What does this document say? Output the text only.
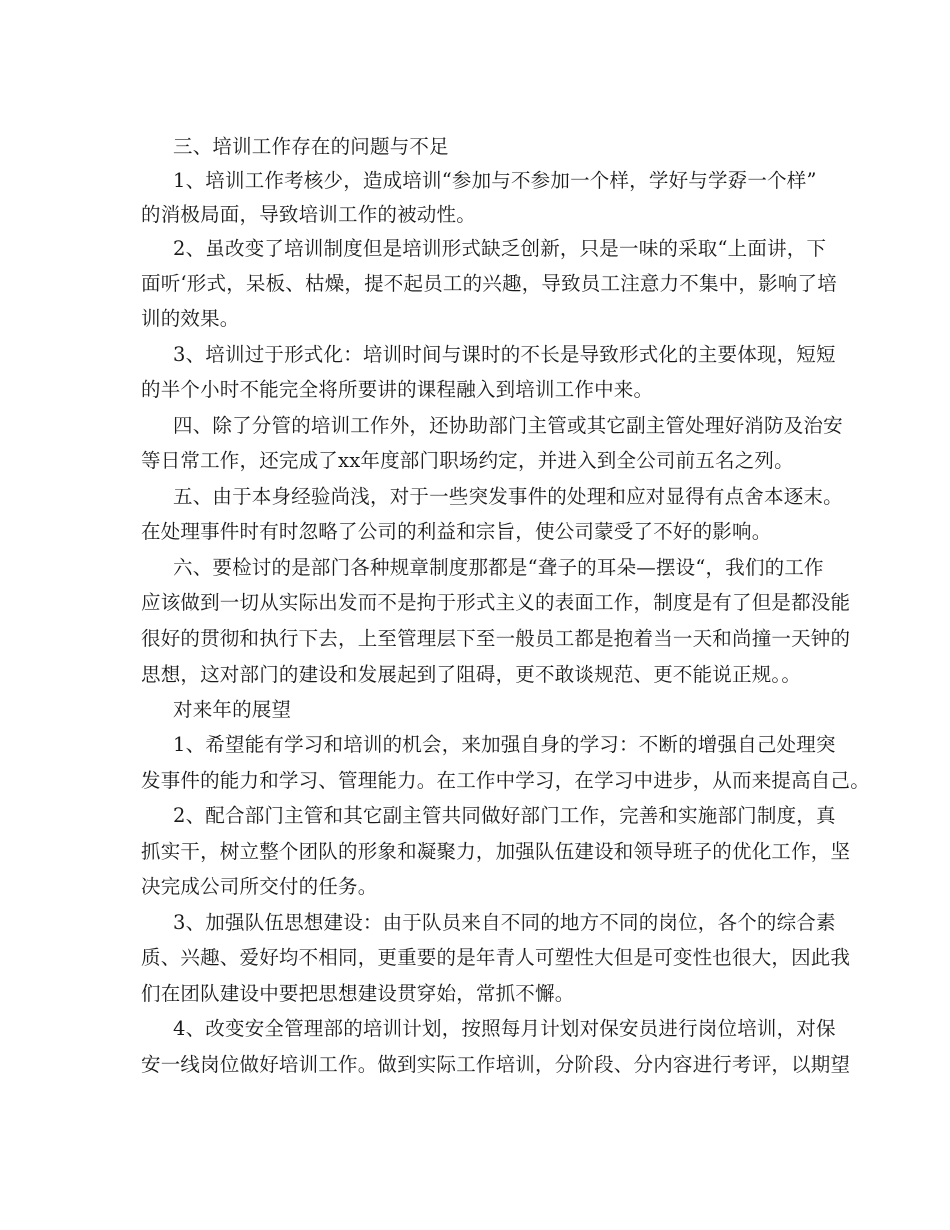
三、培训工作存在的问题与不足
1、培训工作考核少，造成培训“参加与不参加一个样，学好与学孬一个样”
的消极局面，导致培训工作的被动性。
2、虽改变了培训制度但是培训形式缺乏创新，只是一味的采取“上面讲，下
面听‘形式，呆板、枯燥，提不起员工的兴趣，导致员工注意力不集中，影响了培
训的效果。
3、培训过于形式化：培训时间与课时的不长是导致形式化的主要体现，短短
的半个小时不能完全将所要讲的课程融入到培训工作中来。
四、除了分管的培训工作外，还协助部门主管或其它副主管处理好消防及治安
等日常工作，还完成了xx年度部门职场约定，并进入到全公司前五名之列。
五、由于本身经验尚浅，对于一些突发事件的处理和应对显得有点舍本逐末。
在处理事件时有时忽略了公司的利益和宗旨，使公司蒙受了不好的影响。
六、要检讨的是部门各种规章制度那都是“聋子的耳朵—摆设“，我们的工作
应该做到一切从实际出发而不是拘于形式主义的表面工作，制度是有了但是都没能
很好的贯彻和执行下去，上至管理层下至一般员工都是抱着当一天和尚撞一天钟的
思想，这对部门的建设和发展起到了阻碍，更不敢谈规范、更不能说正规。。
对来年的展望
1、希望能有学习和培训的机会，来加强自身的学习：不断的增强自己处理突
发事件的能力和学习、管理能力。在工作中学习，在学习中进步，从而来提高自己。
2、配合部门主管和其它副主管共同做好部门工作，完善和实施部门制度，真
抓实干，树立整个团队的形象和凝聚力，加强队伍建设和领导班子的优化工作，坚
决完成公司所交付的任务。
3、加强队伍思想建设：由于队员来自不同的地方不同的岗位，各个的综合素
质、兴趣、爱好均不相同，更重要的是年青人可塑性大但是可变性也很大，因此我
们在团队建设中要把思想建设贯穿始，常抓不懈。
4、改变安全管理部的培训计划，按照每月计划对保安员进行岗位培训，对保
安一线岗位做好培训工作。做到实际工作培训，分阶段、分内容进行考评，以期望
